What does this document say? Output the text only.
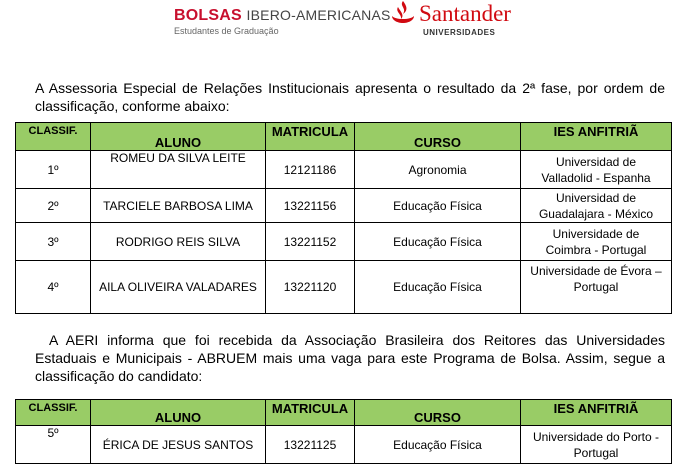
BOLSAS IBERO-AMERICANAS
Estudantes de Graduação
Santander
UNIVERSIDADES
A Assessoria Especial de Relações Institucionais apresenta o resultado da 2ª fase, por ordem de classificação, conforme abaixo:
CLASSIF.	ALUNO	MATRICULA	CURSO	IES ANFITRIÃ
1º	ROMEU DA SILVA LEITE	12121186	Agronomia	Universidad de
Valladolid - Espanha
2º	TARCIELE BARBOSA LIMA	13221156	Educação Física	Universidad de
Guadalajara - México
3º	RODRIGO REIS SILVA	13221152	Educação Física	Universidade de
Coimbra - Portugal
4º	AILA OLIVEIRA VALADARES	13221120	Educação Física	Universidade de Évora –
Portugal
A AERI informa que foi recebida da Associação Brasileira dos Reitores das Universidades Estaduais e Municipais - ABRUEM mais uma vaga para este Programa de Bolsa. Assim, segue a classificação do candidato:
CLASSIF.	ALUNO	MATRICULA	CURSO	IES ANFITRIÃ
5º	ÉRICA DE JESUS SANTOS	13221125	Educação Física	Universidade do Porto -
Portugal
